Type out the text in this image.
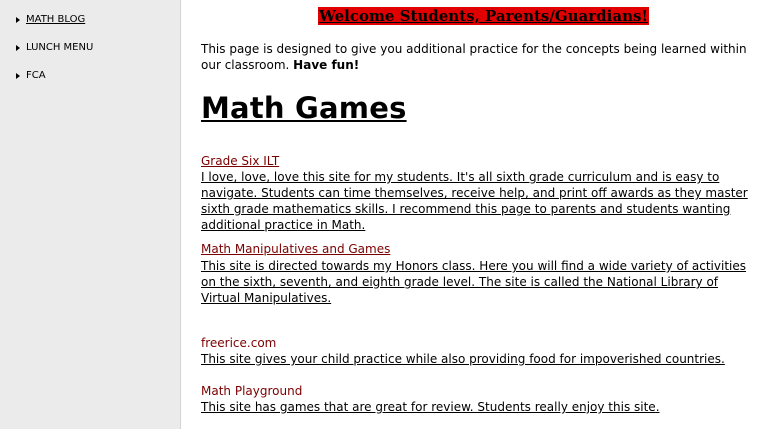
MATH BLOG
LUNCH MENU
FCA
Welcome Students, Parents/Guardians!
This page is designed to give you additional practice for the concepts being learned within our classroom. Have fun!
Math Games
Grade Six ILT
I love, love, love this site for my students. It's all sixth grade curriculum and is easy to navigate. Students can time themselves, receive help, and print off awards as they master sixth grade mathematics skills. I recommend this page to parents and students wanting additional practice in Math.
Math Manipulatives and Games
This site is directed towards my Honors class. Here you will find a wide variety of activities on the sixth, seventh, and eighth grade level. The site is called the National Library of Virtual Manipulatives.
freerice.com
This site gives your child practice while also providing food for impoverished countries.
Math Playground
This site has games that are great for review. Students really enjoy this site.
